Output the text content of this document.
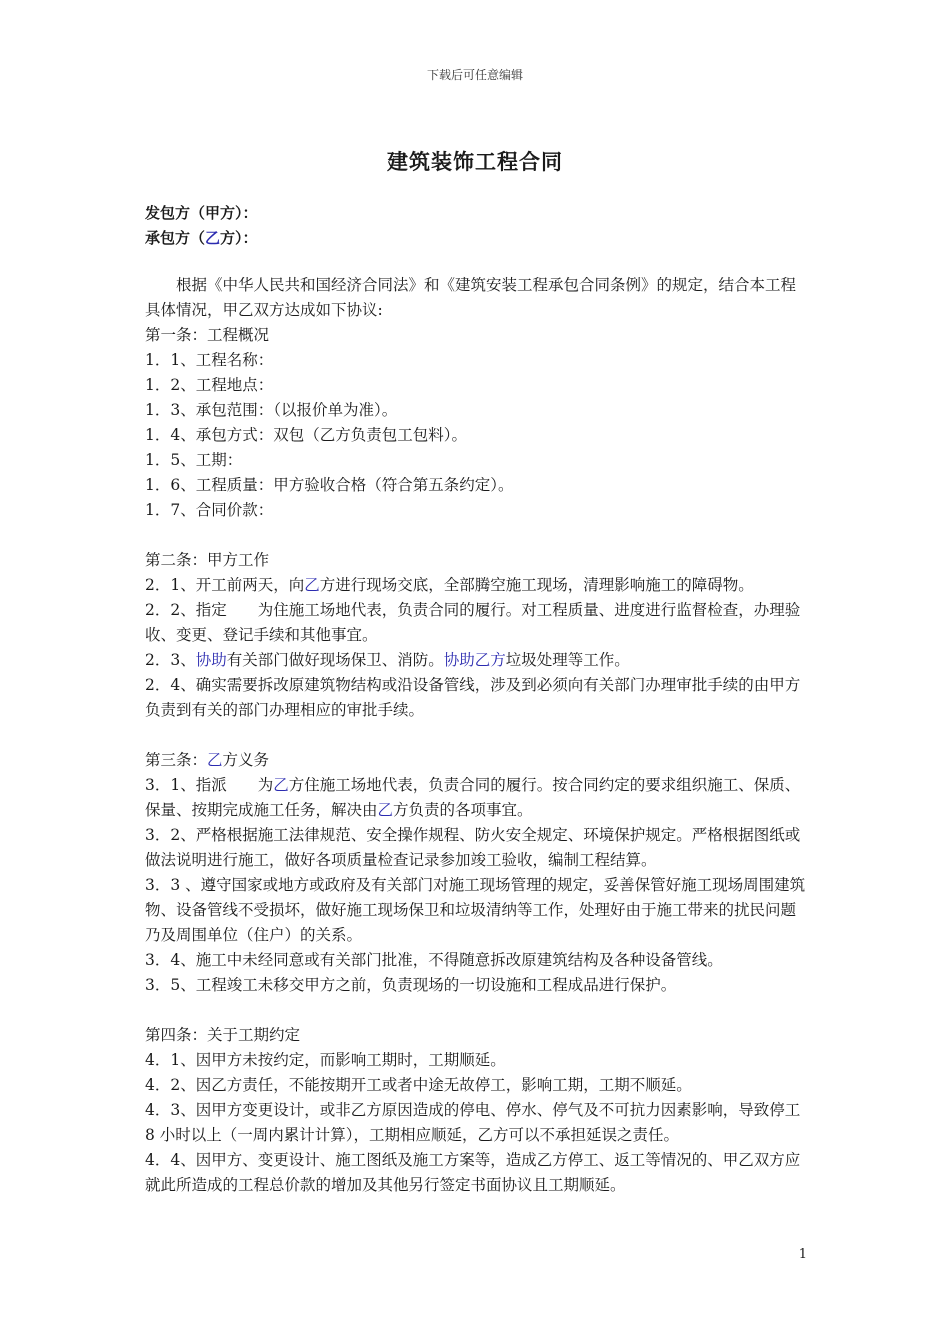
下载后可任意编辑
建筑装饰工程合同
发包方（甲方）：
承包方（乙方）：

根据《中华人民共和国经济合同法》和《建筑安装工程承包合同条例》的规定，结合本工程具体情况，甲乙双方达成如下协议:

第一条：工程概况

1．1、工程名称：

1．2、工程地点：

1．3、承包范围：（以报价单为准）。

1．4、承包方式：双包（乙方负责包工包料）。

1．5、工期：

1．6、工程质量：甲方验收合格（符合第五条约定）。

1．7、合同价款：

第二条：甲方工作

2．1、开工前两天，向乙方进行现场交底，全部腾空施工现场，清理影响施工的障碍物。

2．2、指定　　为住施工场地代表，负责合同的履行。对工程质量、进度进行监督检查，办理验收、变更、登记手续和其他事宜。

2．3、协助有关部门做好现场保卫、消防。协助乙方垃圾处理等工作。

2．4、确实需要拆改原建筑物结构或沿设备管线，涉及到必须向有关部门办理审批手续的由甲方负责到有关的部门办理相应的审批手续。

第三条：乙方义务

3．1、指派　　为乙方住施工场地代表，负责合同的履行。按合同约定的要求组织施工、保质、保量、按期完成施工任务，解决由乙方负责的各项事宜。

3．2、严格根据施工法律规范、安全操作规程、防火安全规定、环境保护规定。严格根据图纸或做法说明进行施工，做好各项质量检查记录参加竣工验收，编制工程结算。

3．3 、遵守国家或地方或政府及有关部门对施工现场管理的规定，妥善保管好施工现场周围建筑物、设备管线不受损坏，做好施工现场保卫和垃圾清纳等工作，处理好由于施工带来的扰民问题乃及周围单位（住户）的关系。

3．4、施工中未经同意或有关部门批准，不得随意拆改原建筑结构及各种设备管线。

3．5、工程竣工未移交甲方之前，负责现场的一切设施和工程成品进行保护。

第四条：关于工期约定

4．1、因甲方未按约定，而影响工期时，工期顺延。

4．2、因乙方责任，不能按期开工或者中途无故停工，影响工期，工期不顺延。

4．3、因甲方变更设计，或非乙方原因造成的停电、停水、停气及不可抗力因素影响，导致停工 8 小时以上（一周内累计计算），工期相应顺延，乙方可以不承担延误之责任。

4．4、因甲方、变更设计、施工图纸及施工方案等，造成乙方停工、返工等情况的、甲乙双方应就此所造成的工程总价款的增加及其他另行签定书面协议且工期顺延。

1
